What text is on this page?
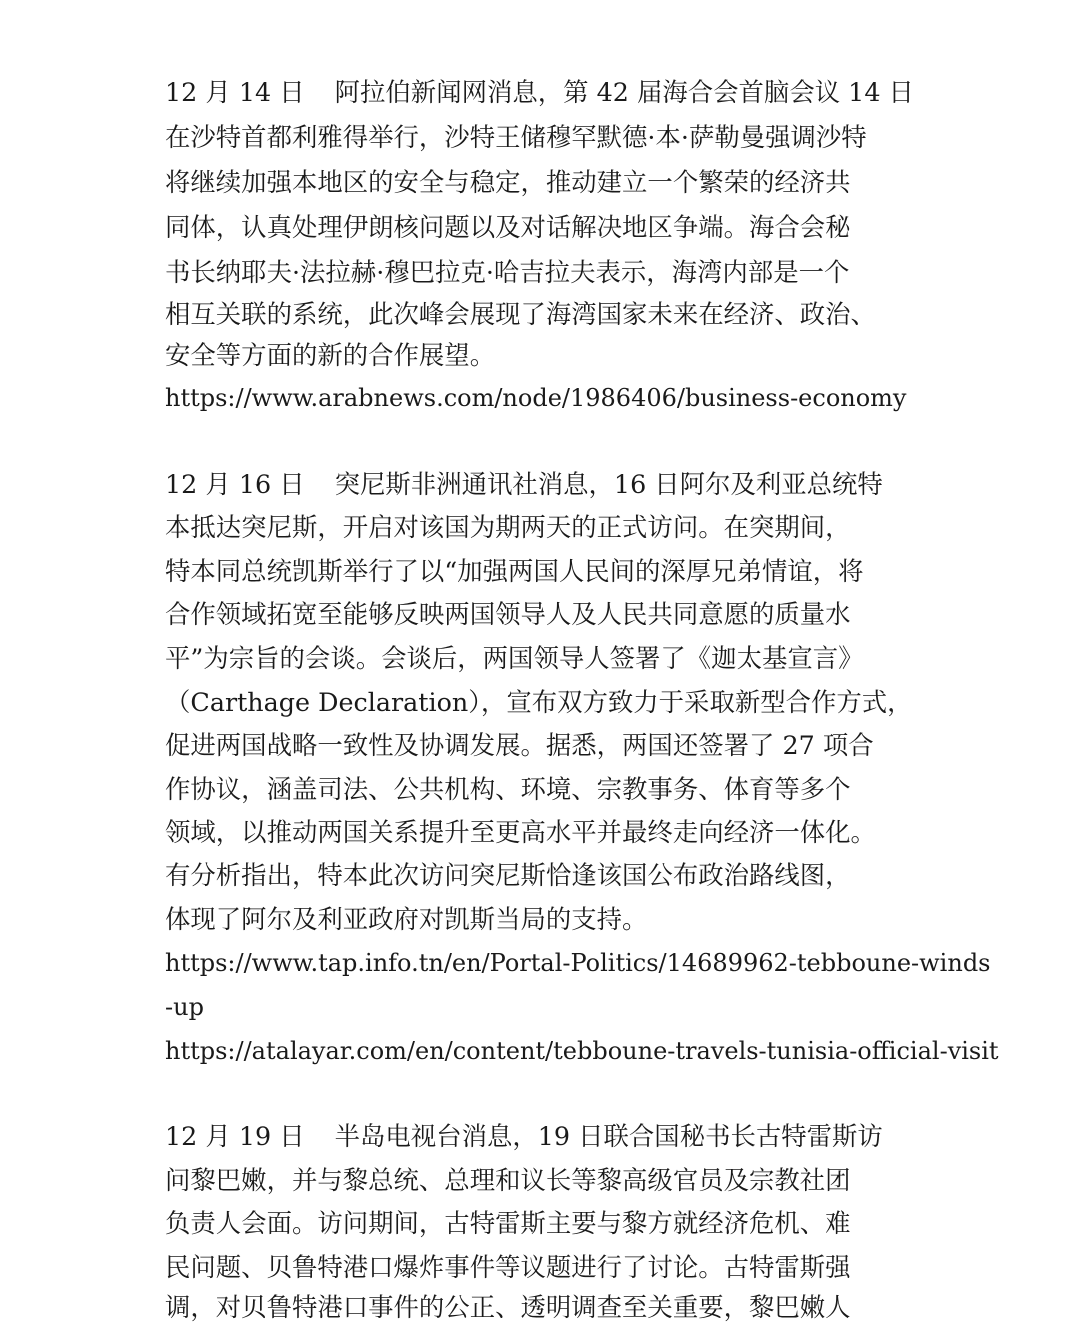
12 月 14 日 阿拉伯新闻网消息，第 42 届海合会首脑会议 14 日
在沙特首都利雅得举行，沙特王储穆罕默德·本·萨勒曼强调沙特
将继续加强本地区的安全与稳定，推动建立一个繁荣的经济共
同体，认真处理伊朗核问题以及对话解决地区争端。海合会秘
书长纳耶夫·法拉赫·穆巴拉克·哈吉拉夫表示，海湾内部是一个
相互关联的系统，此次峰会展现了海湾国家未来在经济、政治、
安全等方面的新的合作展望。
https://www.arabnews.com/node/1986406/business-economy
12 月 16 日 突尼斯非洲通讯社消息，16 日阿尔及利亚总统特
本抵达突尼斯，开启对该国为期两天的正式访问。在突期间，
特本同总统凯斯举行了以“加强两国人民间的深厚兄弟情谊，将
合作领域拓宽至能够反映两国领导人及人民共同意愿的质量水
平”为宗旨的会谈。会谈后，两国领导人签署了《迦太基宣言》
（Carthage Declaration），宣布双方致力于采取新型合作方式，
促进两国战略一致性及协调发展。据悉，两国还签署了 27 项合
作协议，涵盖司法、公共机构、环境、宗教事务、体育等多个
领域，以推动两国关系提升至更高水平并最终走向经济一体化。
有分析指出，特本此次访问突尼斯恰逢该国公布政治路线图，
体现了阿尔及利亚政府对凯斯当局的支持。
https://www.tap.info.tn/en/Portal-Politics/14689962-tebboune-winds
-up
https://atalayar.com/en/content/tebboune-travels-tunisia-official-visit
12 月 19 日 半岛电视台消息，19 日联合国秘书长古特雷斯访
问黎巴嫩，并与黎总统、总理和议长等黎高级官员及宗教社团
负责人会面。访问期间，古特雷斯主要与黎方就经济危机、难
民问题、贝鲁特港口爆炸事件等议题进行了讨论。古特雷斯强
调，对贝鲁特港口事件的公正、透明调查至关重要，黎巴嫩人
